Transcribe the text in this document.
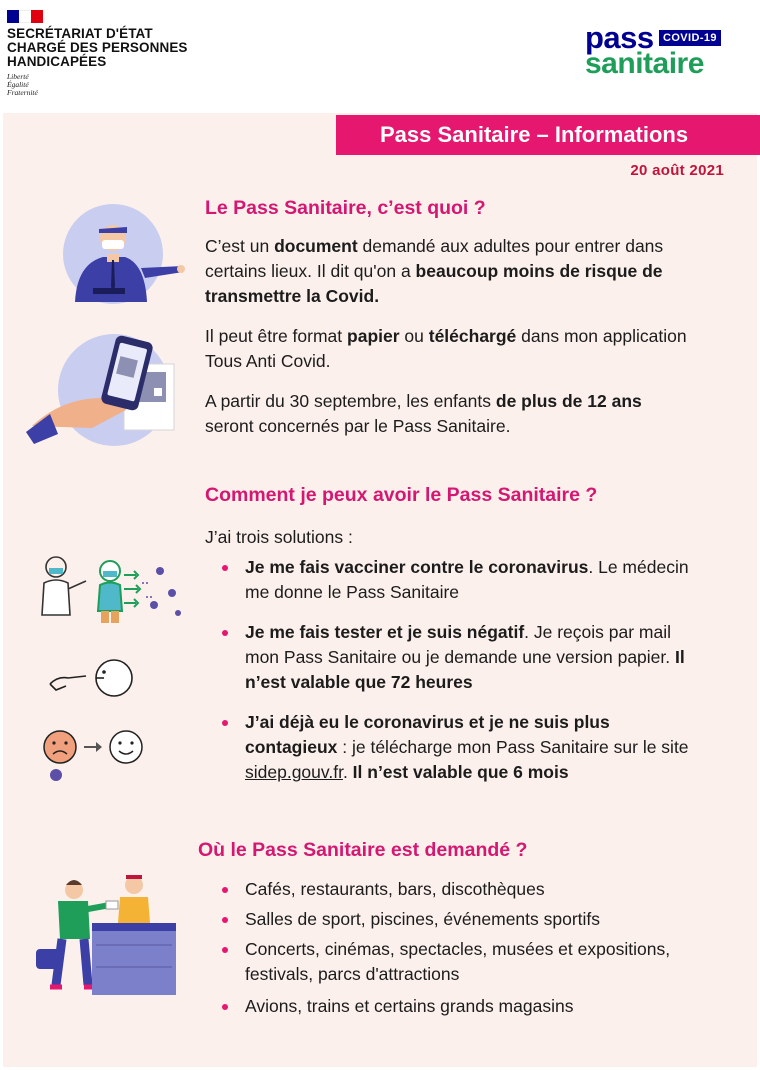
SECRÉTARIAT D'ÉTAT
CHARGÉ DES PERSONNES
HANDICAPÉES
Liberté
Égalité
Fraternité
pass COVID-19
sanitaire
Pass Sanitaire – Informations
20 août 2021
Le Pass Sanitaire, c’est quoi ?
C’est un document demandé aux adultes pour entrer dans certains lieux. Il dit qu'on a beaucoup moins de risque de transmettre la Covid.
Il peut être format papier ou téléchargé dans mon application Tous Anti Covid.
A partir du 30 septembre, les enfants de plus de 12 ans seront concernés par le Pass Sanitaire.
Comment je peux avoir le Pass Sanitaire ?
J’ai trois solutions :
Je me fais vacciner contre le coronavirus. Le médecin me donne le Pass Sanitaire
Je me fais tester et je suis négatif. Je reçois par mail mon Pass Sanitaire ou je demande une version papier. Il n’est valable que 72 heures
J’ai déjà eu le coronavirus et je ne suis plus contagieux : je télécharge mon Pass Sanitaire sur le site sidep.gouv.fr. Il n’est valable que 6 mois
Où le Pass Sanitaire est demandé ?
Cafés, restaurants, bars, discothèques
Salles de sport, piscines, événements sportifs
Concerts, cinémas, spectacles, musées et expositions, festivals, parcs d'attractions
Avions, trains et certains grands magasins
